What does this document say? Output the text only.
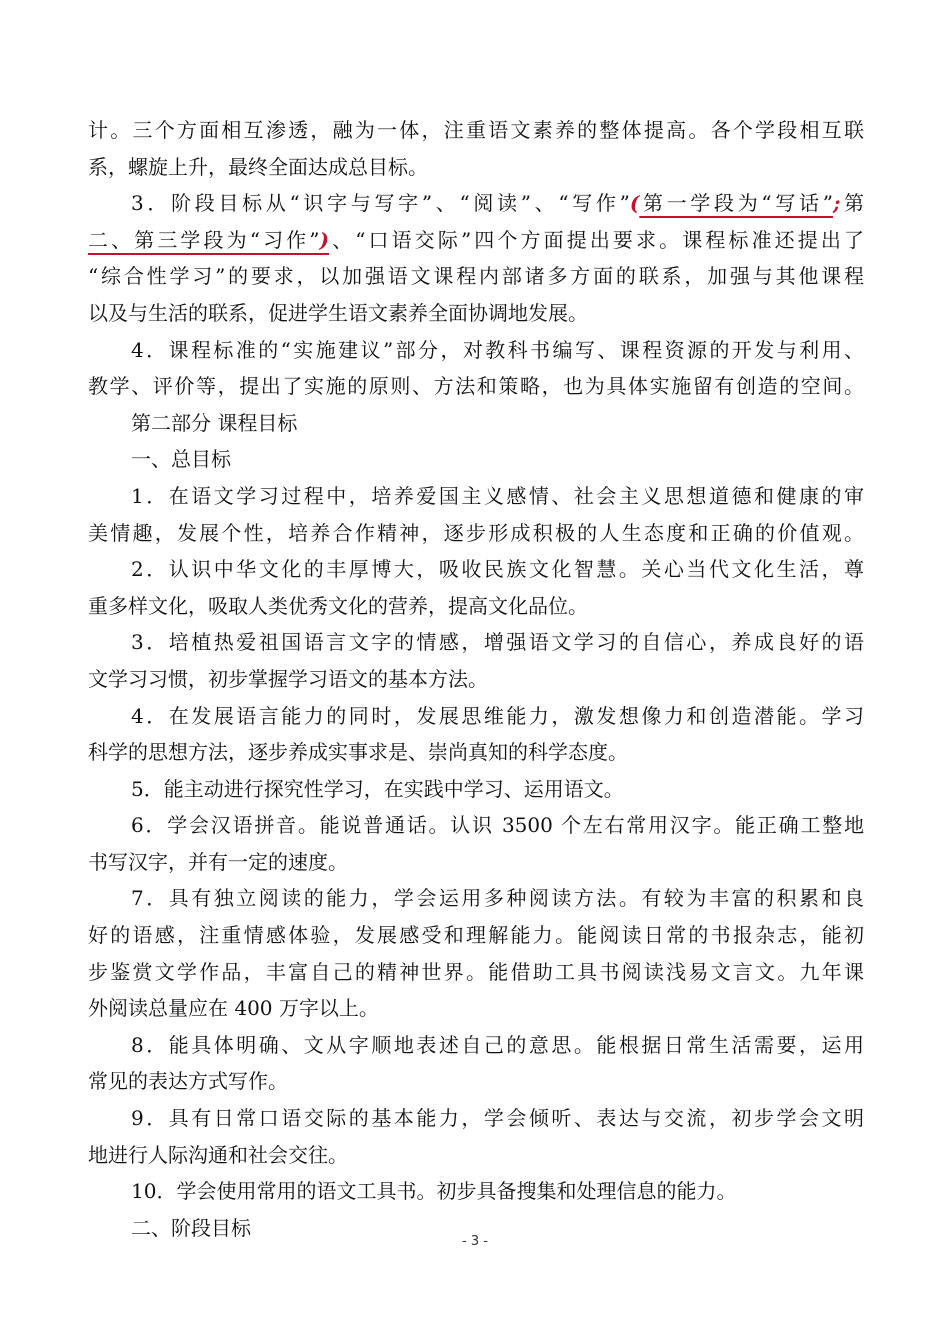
计。三个方面相互渗透，融为一体，注重语文素养的整体提高。各个学段相互联
系，螺旋上升，最终全面达成总目标。
3．阶段目标从“识字与写字”、“阅读”、“写作”(第一学段为“写话”;第
二、第三学段为“习作”)、“口语交际”四个方面提出要求。课程标准还提出了
“综合性学习”的要求，以加强语文课程内部诸多方面的联系，加强与其他课程
以及与生活的联系，促进学生语文素养全面协调地发展。
4．课程标准的“实施建议”部分，对教科书编写、课程资源的开发与利用、
教学、评价等，提出了实施的原则、方法和策略，也为具体实施留有创造的空间。
第二部分 课程目标
一、总目标
1．在语文学习过程中，培养爱国主义感情、社会主义思想道德和健康的审
美情趣，发展个性，培养合作精神，逐步形成积极的人生态度和正确的价值观。
2．认识中华文化的丰厚博大，吸收民族文化智慧。关心当代文化生活，尊
重多样文化，吸取人类优秀文化的营养，提高文化品位。
3．培植热爱祖国语言文字的情感，增强语文学习的自信心，养成良好的语
文学习习惯，初步掌握学习语文的基本方法。
4．在发展语言能力的同时，发展思维能力，激发想像力和创造潜能。学习
科学的思想方法，逐步养成实事求是、崇尚真知的科学态度。
5．能主动进行探究性学习，在实践中学习、运用语文。
6．学会汉语拼音。能说普通话。认识 3500 个左右常用汉字。能正确工整地
书写汉字，并有一定的速度。
7．具有独立阅读的能力，学会运用多种阅读方法。有较为丰富的积累和良
好的语感，注重情感体验，发展感受和理解能力。能阅读日常的书报杂志，能初
步鉴赏文学作品，丰富自己的精神世界。能借助工具书阅读浅易文言文。九年课
外阅读总量应在 400 万字以上。
8．能具体明确、文从字顺地表述自己的意思。能根据日常生活需要，运用
常见的表达方式写作。
9．具有日常口语交际的基本能力，学会倾听、表达与交流，初步学会文明
地进行人际沟通和社会交往。
10．学会使用常用的语文工具书。初步具备搜集和处理信息的能力。
二、阶段目标
- 3 -
